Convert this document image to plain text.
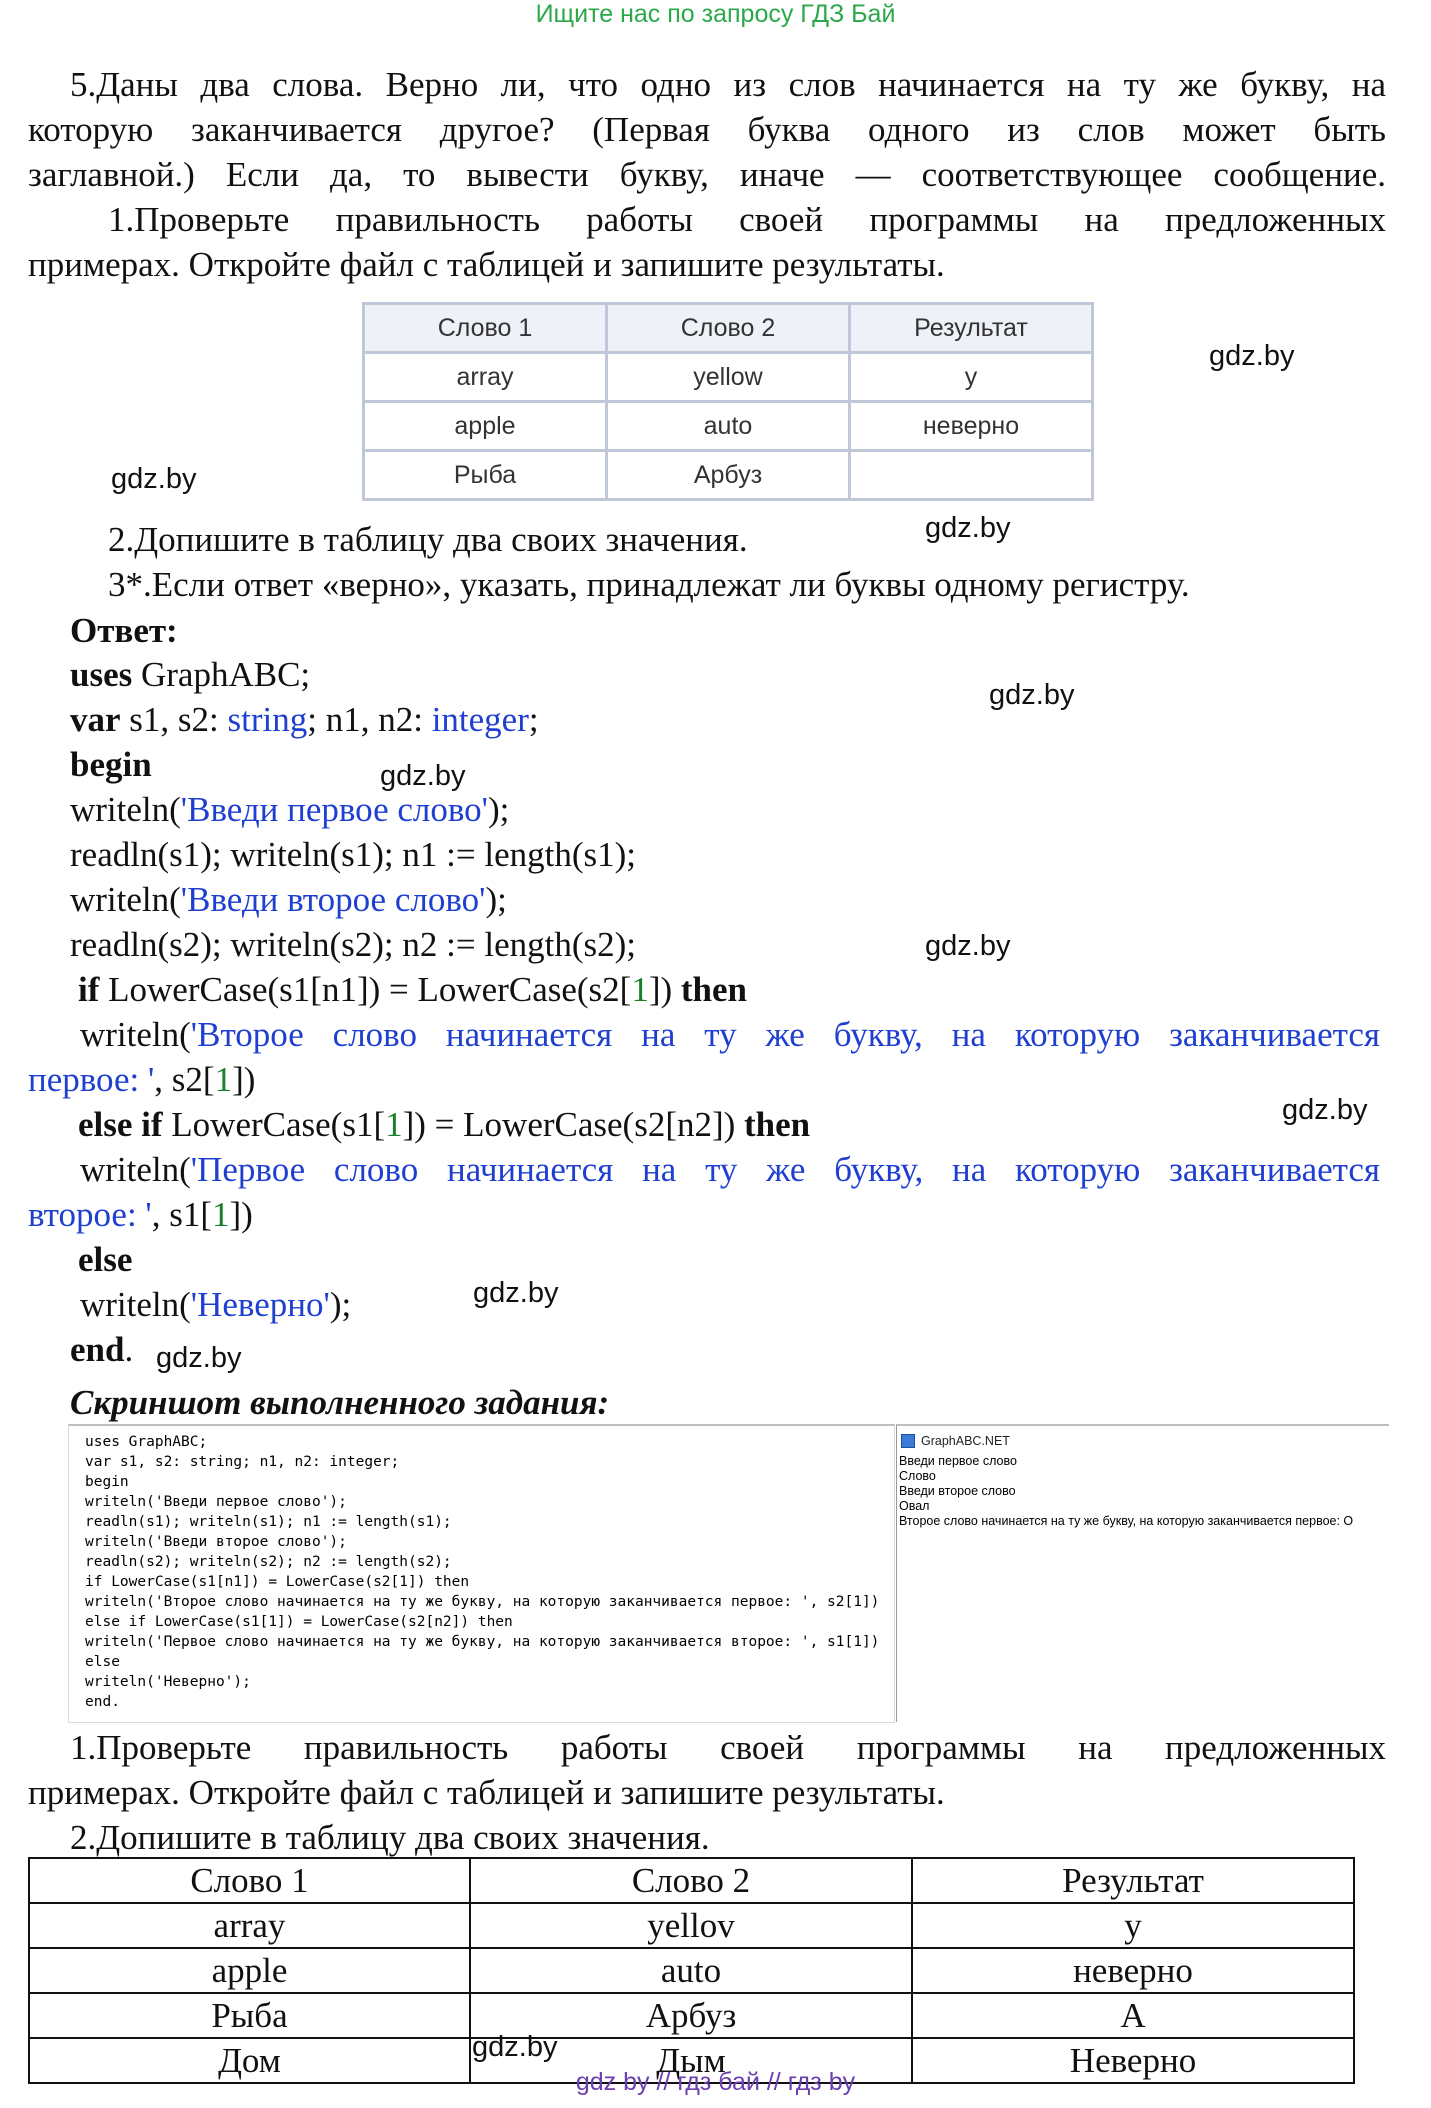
Ищите нас по запросу ГДЗ Бай
5.Даны два слова. Верно ли, что одно из слов начинается на ту же букву, на
которую заканчивается другое? (Первая буква одного из слов может быть
заглавной.) Если да, то вывести букву, иначе — соответствующее сообщение.
1.Проверьте правильность работы своей программы на предложенных
примерах. Откройте файл с таблицей и запишите результаты.
Слово 1	Слово 2	Результат
array	yellow	y
apple	auto	неверно
Рыба	Арбуз	
gdz.by
gdz.by
gdz.by
gdz.by
gdz.by
gdz.by
gdz.by
gdz.by
gdz.by
gdz.by
2.Допишите в таблицу два своих значения.
3*.Если ответ «верно», указать, принадлежат ли буквы одному регистру.
Ответ:
uses GraphABC;
var s1, s2: string; n1, n2: integer;
begin
writeln('Введи первое слово');
readln(s1); writeln(s1); n1 := length(s1);
writeln('Введи второе слово');
readln(s2); writeln(s2); n2 := length(s2);
if LowerCase(s1[n1]) = LowerCase(s2[1]) then
writeln('Второе слово начинается на ту же букву, на которую заканчивается
первое: ', s2[1])
else if LowerCase(s1[1]) = LowerCase(s2[n2]) then
writeln('Первое слово начинается на ту же букву, на которую заканчивается
второе: ', s1[1])
else
writeln('Неверно');
end.
Скриншот выполненного задания:
uses GraphABC;
var s1, s2: string; n1, n2: integer;
begin
writeln('Введи первое слово');
readln(s1); writeln(s1); n1 := length(s1);
writeln('Введи второе слово');
readln(s2); writeln(s2); n2 := length(s2);
if LowerCase(s1[n1]) = LowerCase(s2[1]) then
writeln('Второе слово начинается на ту же букву, на которую заканчивается первое: ', s2[1])
else if LowerCase(s1[1]) = LowerCase(s2[n2]) then
writeln('Первое слово начинается на ту же букву, на которую заканчивается второе: ', s1[1])
else
writeln('Неверно');
end.
GraphABC.NET
Введи первое слово
Слово
Введи второе слово
Овал
Второе слово начинается на ту же букву, на которую заканчивается первое: О
1.Проверьте правильность работы своей программы на предложенных
примерах. Откройте файл с таблицей и запишите результаты.
2.Допишите в таблицу два своих значения.
Слово 1	Слово 2	Результат
array	yellov	y
apple	auto	неверно
Рыба	Арбуз	А
Дом	Дым	Неверно
gdz by // гдз бай // гдз by
